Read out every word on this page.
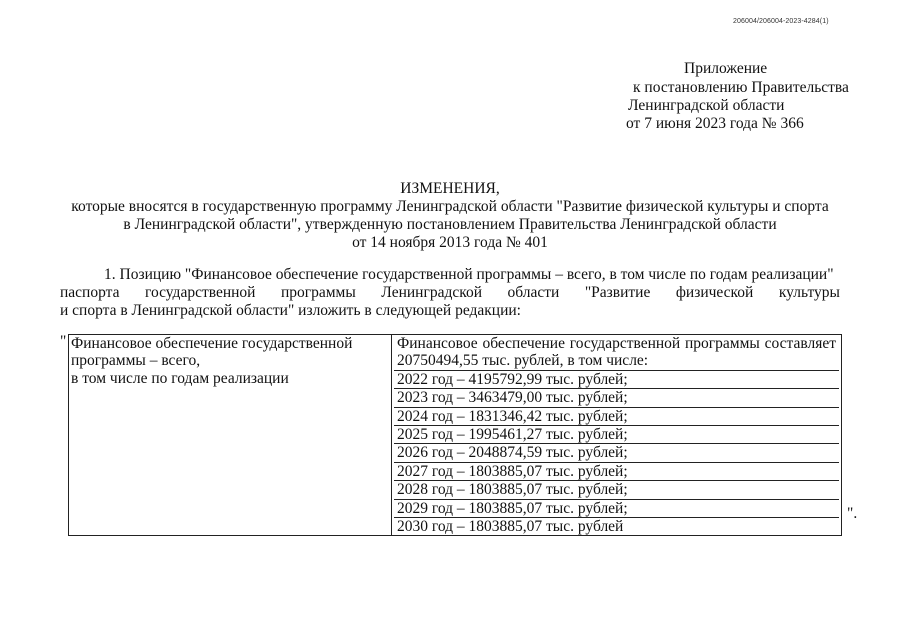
206004/206004-2023-4284(1)
Приложение
к постановлению Правительства
Ленинградской области
от 7 июня 2023 года № 366
ИЗМЕНЕНИЯ,
которые вносятся в государственную программу Ленинградской области "Развитие физической культуры и спорта
в Ленинградской области", утвержденную постановлением Правительства Ленинградской области
от 14 ноября 2013 года № 401
1. Позицию "Финансовое обеспечение государственной программы – всего, в том числе по годам реализации"
паспорта государственной программы Ленинградской области "Развитие физической культуры
и спорта в Ленинградской области" изложить в следующей редакции:
" Финансовое обеспечение государственной
программы – всего,
в том числе по годам реализации

Финансовое обеспечение государственной программы составляет
20750494,55 тыс. рублей, в том числе:
2022 год – 4195792,99 тыс. рублей;
2023 год – 3463479,00 тыс. рублей;
2024 год – 1831346,42 тыс. рублей;
2025 год – 1995461,27 тыс. рублей;
2026 год – 2048874,59 тыс. рублей;
2027 год – 1803885,07 тыс. рублей;
2028 год – 1803885,07 тыс. рублей;
2029 год – 1803885,07 тыс. рублей;
2030 год – 1803885,07 тыс. рублей
".
